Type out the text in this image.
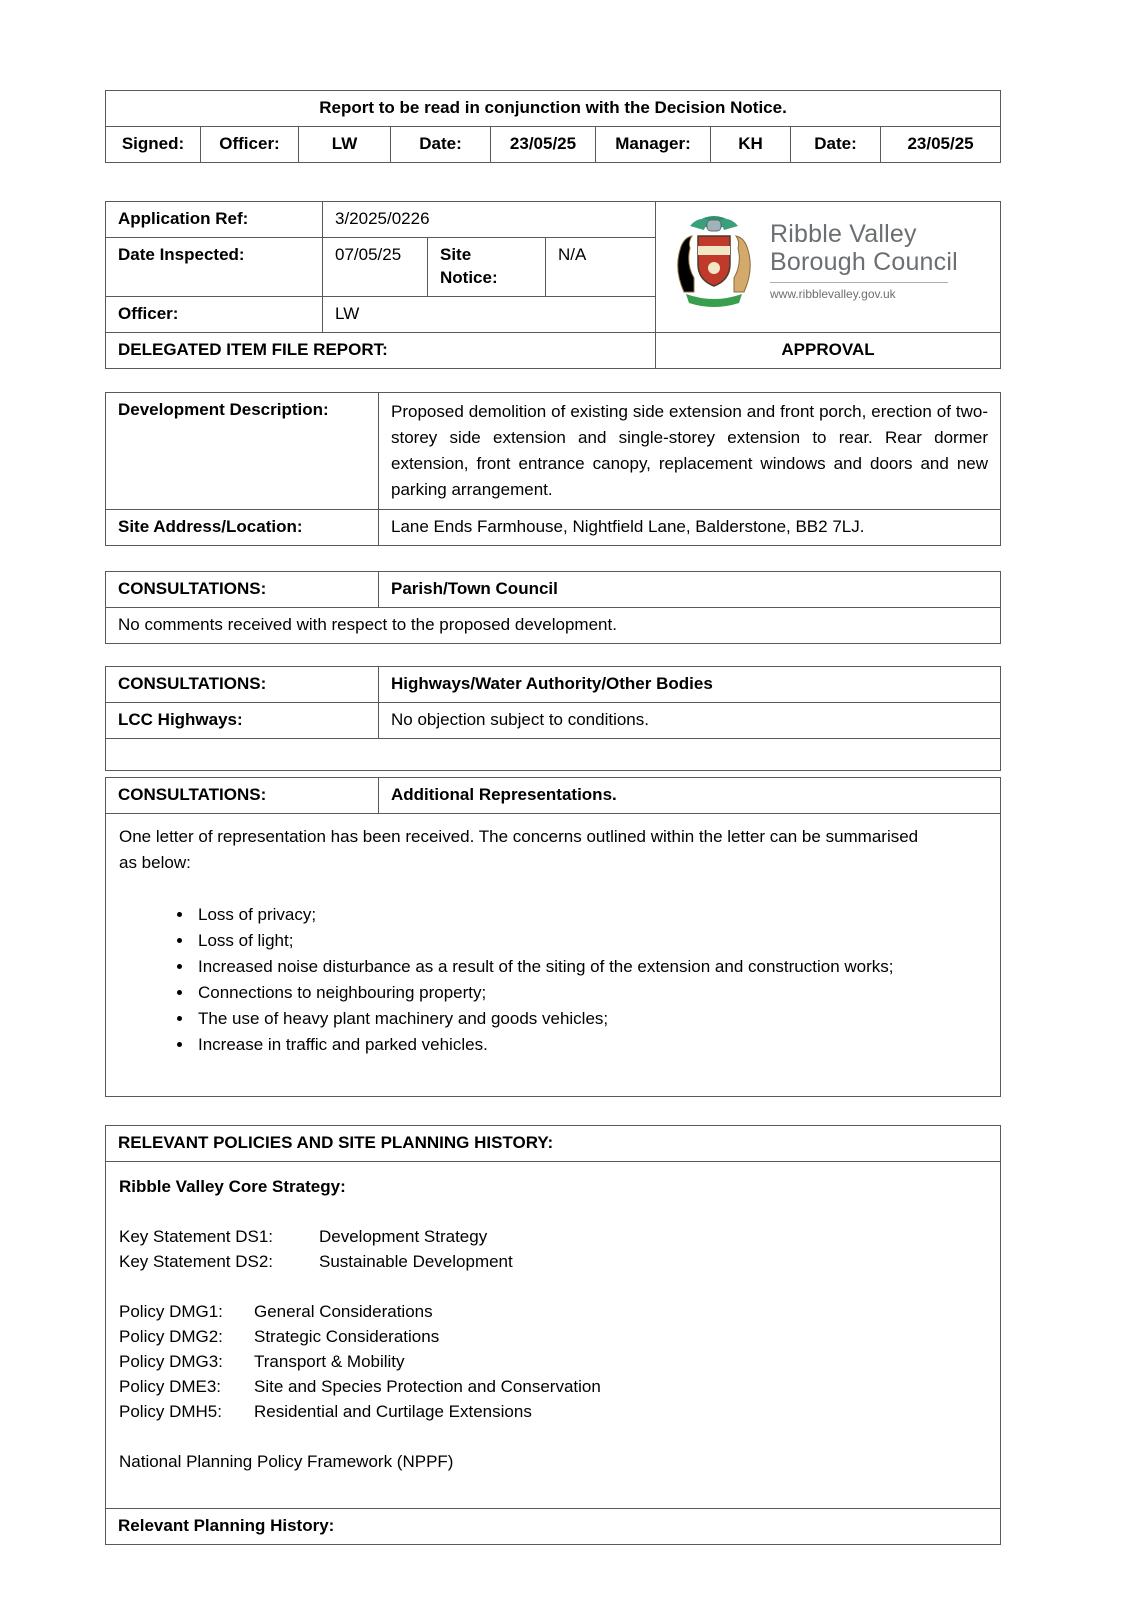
Report to be read in conjunction with the Decision Notice.
Signed:	Officer:	LW	Date:	23/05/25	Manager:	KH	Date:	23/05/25
Application Ref:	3/2025/0226			Ribble Valley
Borough Council
www.ribblevalley.gov.uk

Date Inspected:	07/05/25	Site Notice:	N/A	
Officer:	LW			
DELEGATED ITEM FILE REPORT:				APPROVAL
Development Description:	Proposed demolition of existing side extension and front porch, erection of two-storey side extension and single-storey extension to rear. Rear dormer extension, front entrance canopy, replacement windows and doors and new parking arrangement.
Site Address/Location:	Lane Ends Farmhouse, Nightfield Lane, Balderstone, BB2 7LJ.
CONSULTATIONS:	Parish/Town Council
No comments received with respect to the proposed development.
CONSULTATIONS:	Highways/Water Authority/Other Bodies
LCC Highways:	No objection subject to conditions.

CONSULTATIONS:	Additional Representations.

One letter of representation has been received. The concerns outlined within the letter can be summarised as below:
• Loss of privacy;
• Loss of light;
• Increased noise disturbance as a result of the siting of the extension and construction works;
• Connections to neighbouring property;
• The use of heavy plant machinery and goods vehicles;
• Increase in traffic and parked vehicles.
RELEVANT POLICIES AND SITE PLANNING HISTORY:

Ribble Valley Core Strategy:
Key Statement DS1:	Development Strategy
Key Statement DS2:	Sustainable Development
Policy DMG1:	General Considerations
Policy DMG2:	Strategic Considerations
Policy DMG3:	Transport & Mobility
Policy DME3:	Site and Species Protection and Conservation
Policy DMH5:	Residential and Curtilage Extensions
National Planning Policy Framework (NPPF)

Relevant Planning History:
